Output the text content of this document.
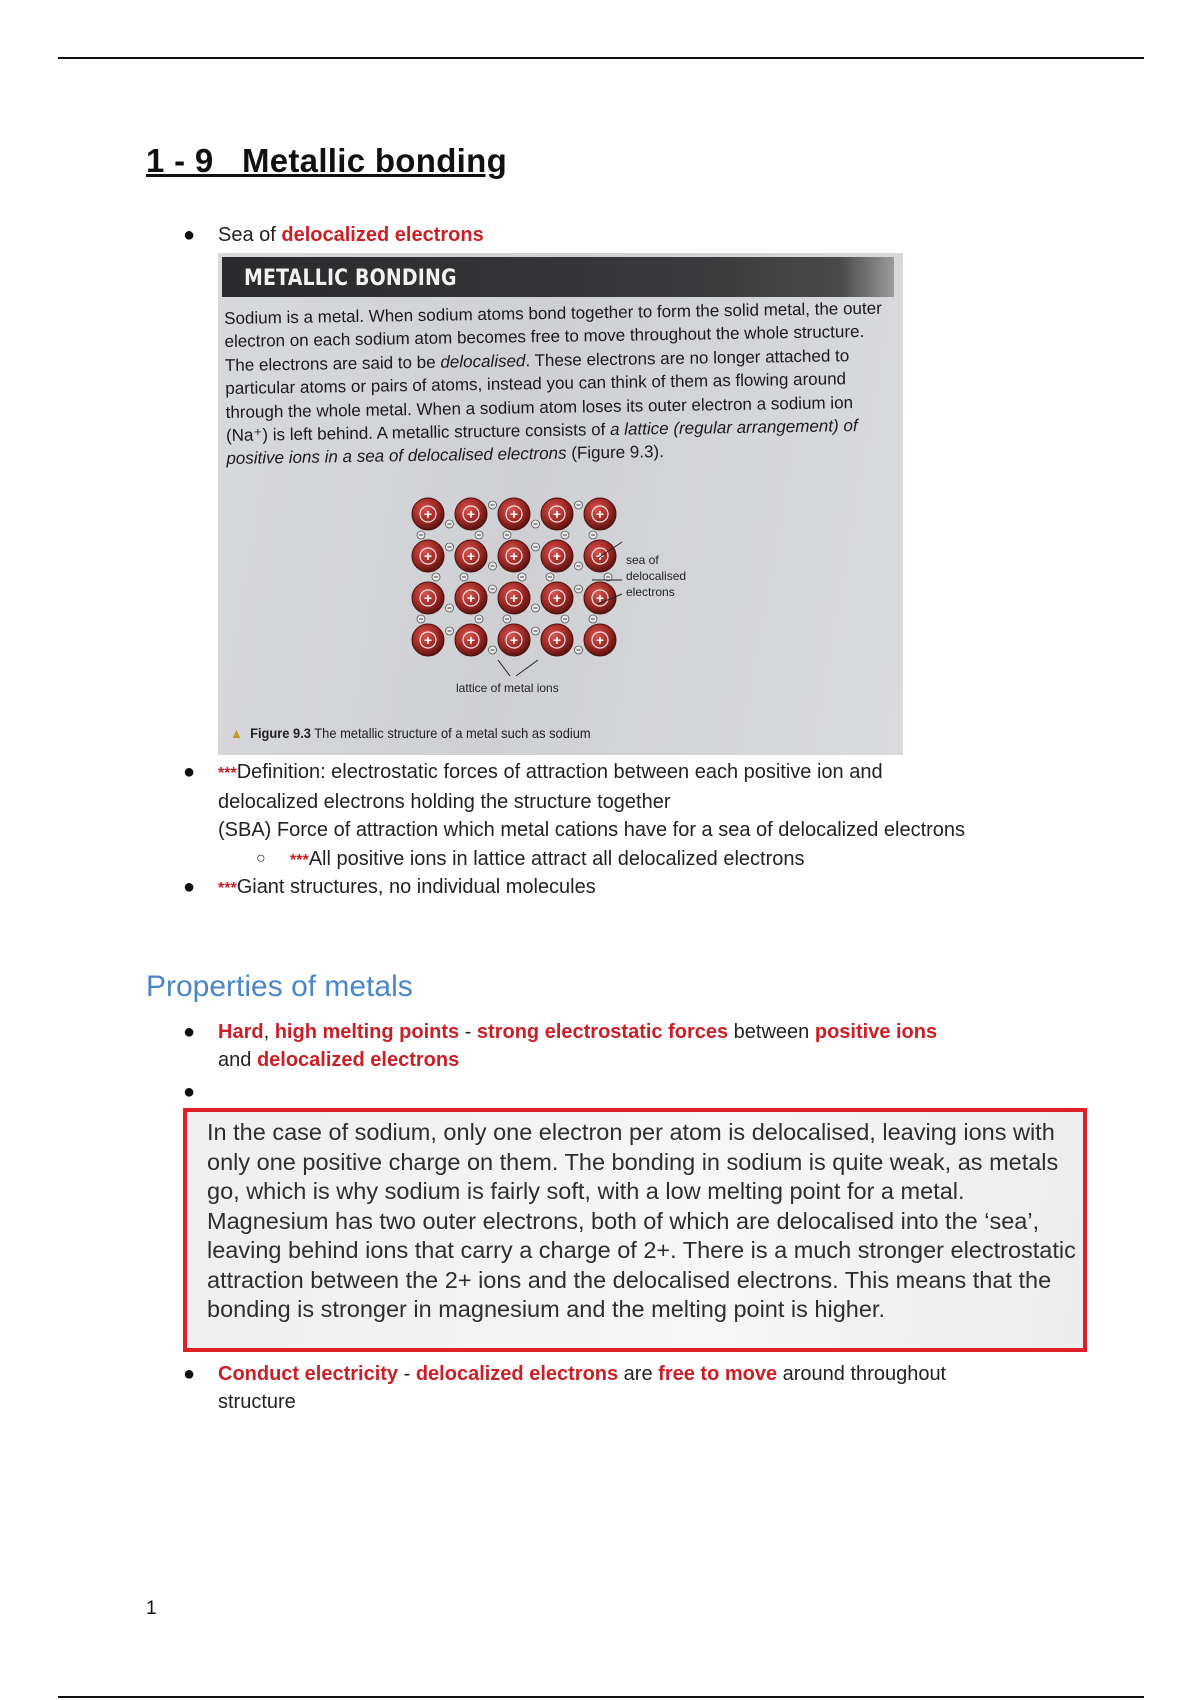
1 - 9   Metallic bonding
● Sea of delocalized electrons
METALLIC BONDING

Sodium is a metal. When sodium atoms bond together to form the solid metal, the outer electron on each sodium atom becomes free to move throughout the whole structure. The electrons are said to be delocalised. These electrons are no longer attached to particular atoms or pairs of atoms, instead you can think of them as flowing around through the whole metal. When a sodium atom loses its outer electron a sodium ion (Na⁺) is left behind. A metallic structure consists of a lattice (regular arrangement) of positive ions in a sea of delocalised electrons (Figure 9.3).

+ + + + +
+ + + + +
+ + + + +
+ + + + +
sea of
delocalised
electrons
lattice of metal ions
▲ Figure 9.3 The metallic structure of a metal such as sodium
● ***Definition: electrostatic forces of attraction between each positive ion and
delocalized electrons holding the structure together
(SBA) Force of attraction which metal cations have for a sea of delocalized electrons
○ ***All positive ions in lattice attract all delocalized electrons
● ***Giant structures, no individual molecules
Properties of metals
● Hard, high melting points - strong electrostatic forces between positive ions
and delocalized electrons
●

In the case of sodium, only one electron per atom is delocalised, leaving ions with only one positive charge on them. The bonding in sodium is quite weak, as metals go, which is why sodium is fairly soft, with a low melting point for a metal. Magnesium has two outer electrons, both of which are delocalised into the ‘sea’, leaving behind ions that carry a charge of 2+. There is a much stronger electrostatic attraction between the 2+ ions and the delocalised electrons. This means that the bonding is stronger in magnesium and the melting point is higher.

● Conduct electricity - delocalized electrons are free to move around throughout
structure
1
